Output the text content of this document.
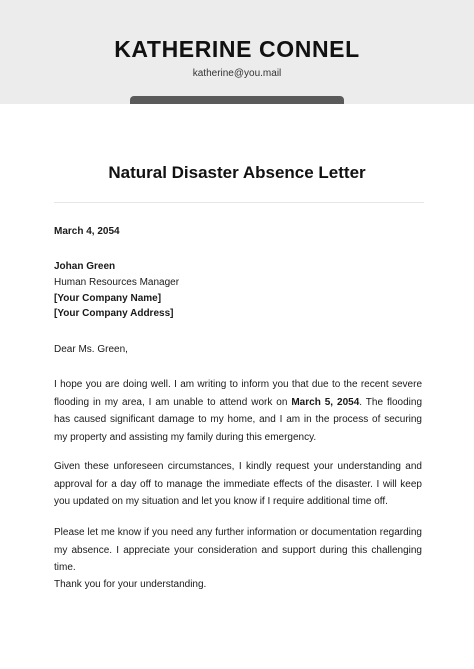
KATHERINE CONNEL
katherine@you.mail
Natural Disaster Absence Letter
March 4, 2054
Johan Green
Human Resources Manager
[Your Company Name]
[Your Company Address]
Dear Ms. Green,
I hope you are doing well. I am writing to inform you that due to the recent severe flooding in my area, I am unable to attend work on March 5, 2054. The flooding has caused significant damage to my home, and I am in the process of securing my property and assisting my family during this emergency.
Given these unforeseen circumstances, I kindly request your understanding and approval for a day off to manage the immediate effects of the disaster. I will keep you updated on my situation and let you know if I require additional time off.
Please let me know if you need any further information or documentation regarding my absence. I appreciate your consideration and support during this challenging time.
Thank you for your understanding.
